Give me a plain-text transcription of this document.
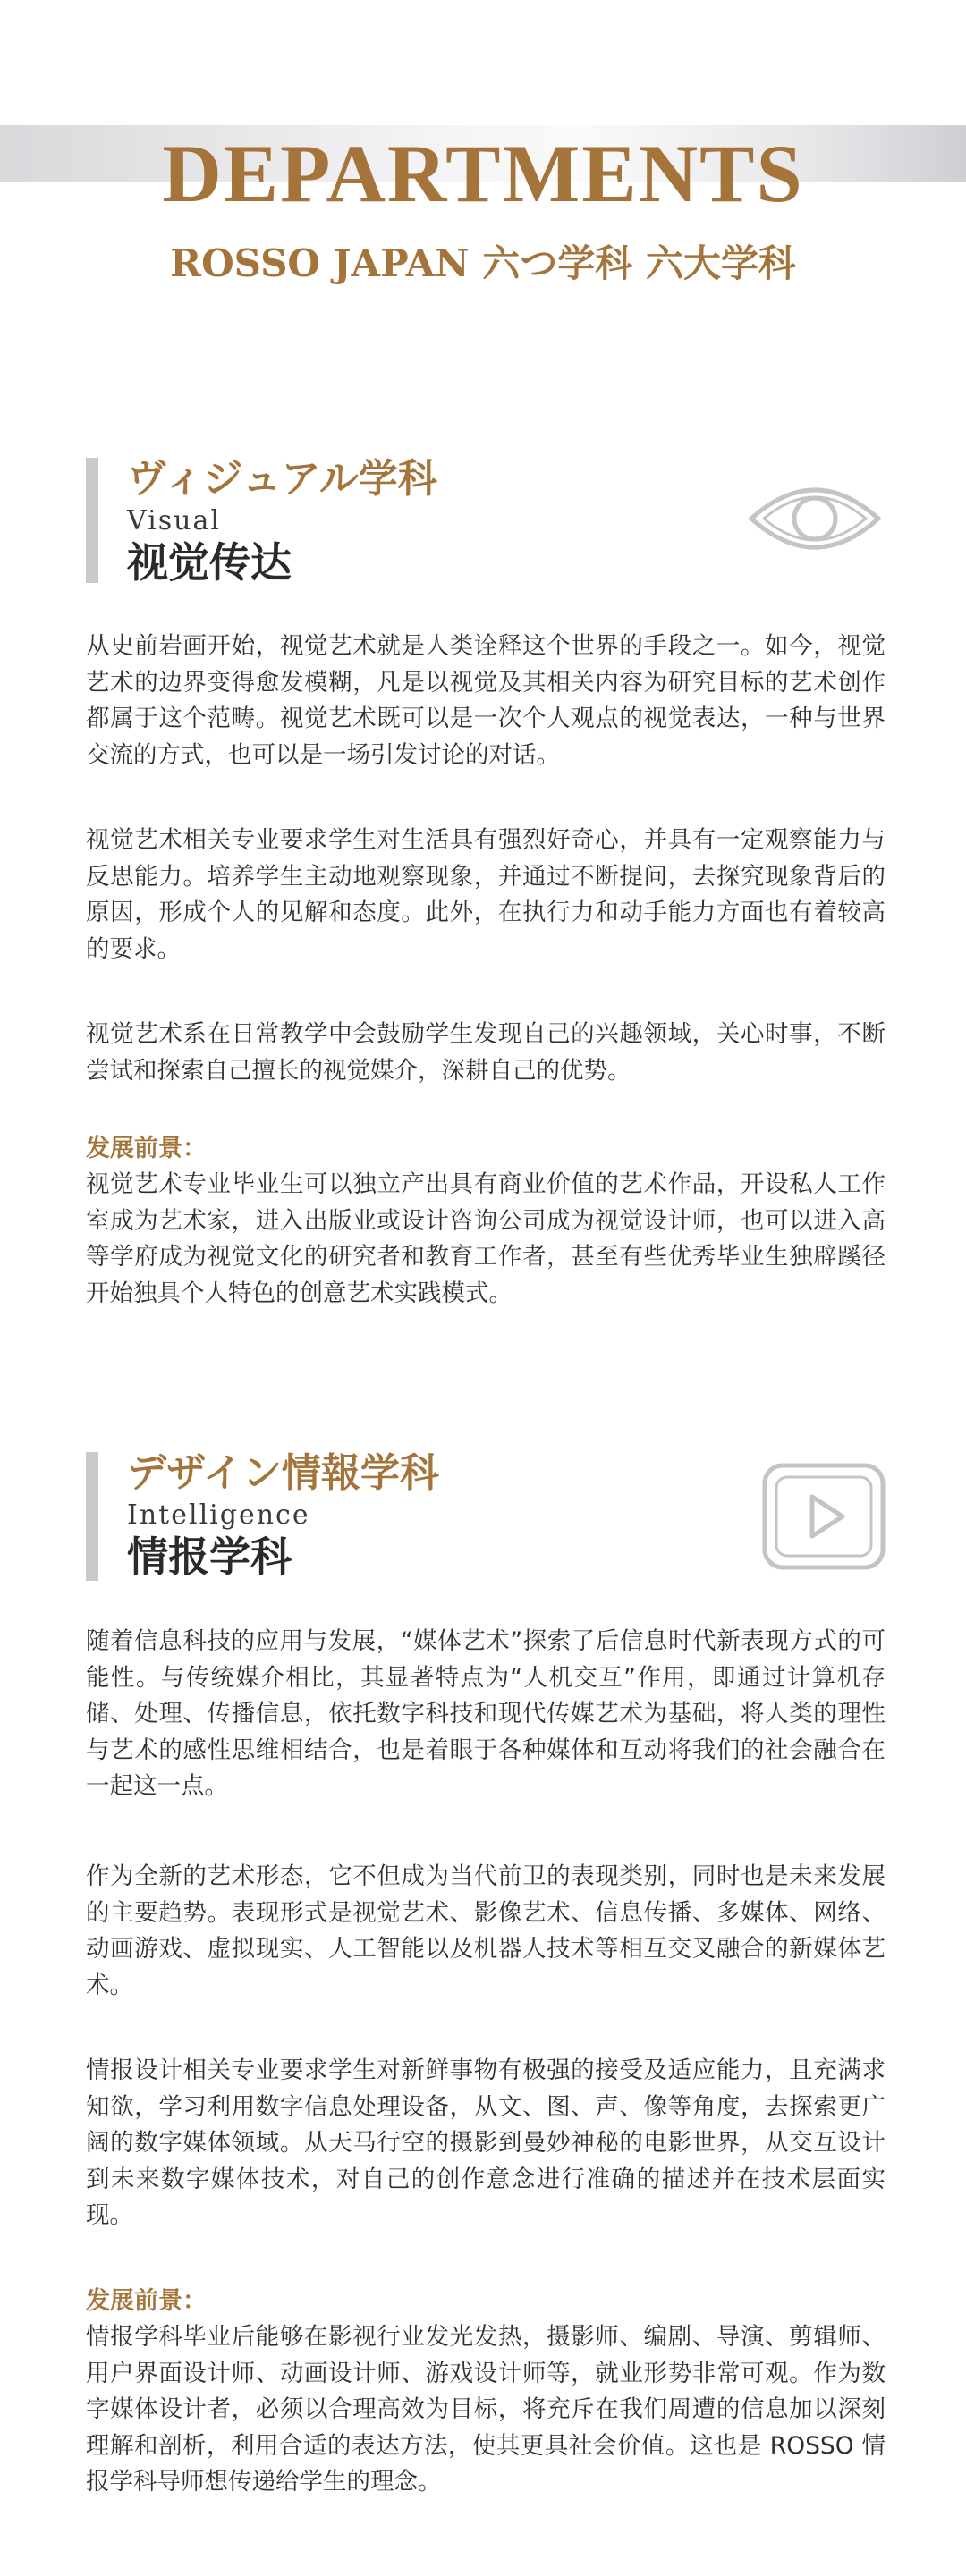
DEPARTMENTS
ROSSO JAPAN 六つ学科 六大学科
ヴィジュアル学科
Visual
视觉传达

从史前岩画开始，视觉艺术就是人类诠释这个世界的手段之一。如今，视觉艺术的边界变得愈发模糊，凡是以视觉及其相关内容为研究目标的艺术创作都属于这个范畴。视觉艺术既可以是一次个人观点的视觉表达，一种与世界交流的方式，也可以是一场引发讨论的对话。

视觉艺术相关专业要求学生对生活具有强烈好奇心，并具有一定观察能力与反思能力。培养学生主动地观察现象，并通过不断提问，去探究现象背后的原因，形成个人的见解和态度。此外，在执行力和动手能力方面也有着较高的要求。

视觉艺术系在日常教学中会鼓励学生发现自己的兴趣领域，关心时事，不断尝试和探索自己擅长的视觉媒介，深耕自己的优势。

发展前景：

视觉艺术专业毕业生可以独立产出具有商业价值的艺术作品，开设私人工作室成为艺术家，进入出版业或设计咨询公司成为视觉设计师，也可以进入高等学府成为视觉文化的研究者和教育工作者，甚至有些优秀毕业生独辟蹊径开始独具个人特色的创意艺术实践模式。

デザイン情報学科
Intelligence
情报学科

随着信息科技的应用与发展，“媒体艺术”探索了后信息时代新表现方式的可能性。与传统媒介相比，其显著特点为“人机交互”作用，即通过计算机存储、处理、传播信息，依托数字科技和现代传媒艺术为基础，将人类的理性与艺术的感性思维相结合，也是着眼于各种媒体和互动将我们的社会融合在一起这一点。

作为全新的艺术形态，它不但成为当代前卫的表现类别，同时也是未来发展的主要趋势。表现形式是视觉艺术、影像艺术、信息传播、多媒体、网络、动画游戏、虚拟现实、人工智能以及机器人技术等相互交叉融合的新媒体艺术。

情报设计相关专业要求学生对新鲜事物有极强的接受及适应能力，且充满求知欲，学习利用数字信息处理设备，从文、图、声、像等角度，去探索更广阔的数字媒体领域。从天马行空的摄影到曼妙神秘的电影世界，从交互设计到未来数字媒体技术，对自己的创作意念进行准确的描述并在技术层面实现。

发展前景：

情报学科毕业后能够在影视行业发光发热，摄影师、编剧、导演、剪辑师、用户界面设计师、动画设计师、游戏设计师等，就业形势非常可观。作为数字媒体设计者，必须以合理高效为目标，将充斥在我们周遭的信息加以深刻理解和剖析，利用合适的表达方法，使其更具社会价值。这也是 ROSSO 情报学科导师想传递给学生的理念。
